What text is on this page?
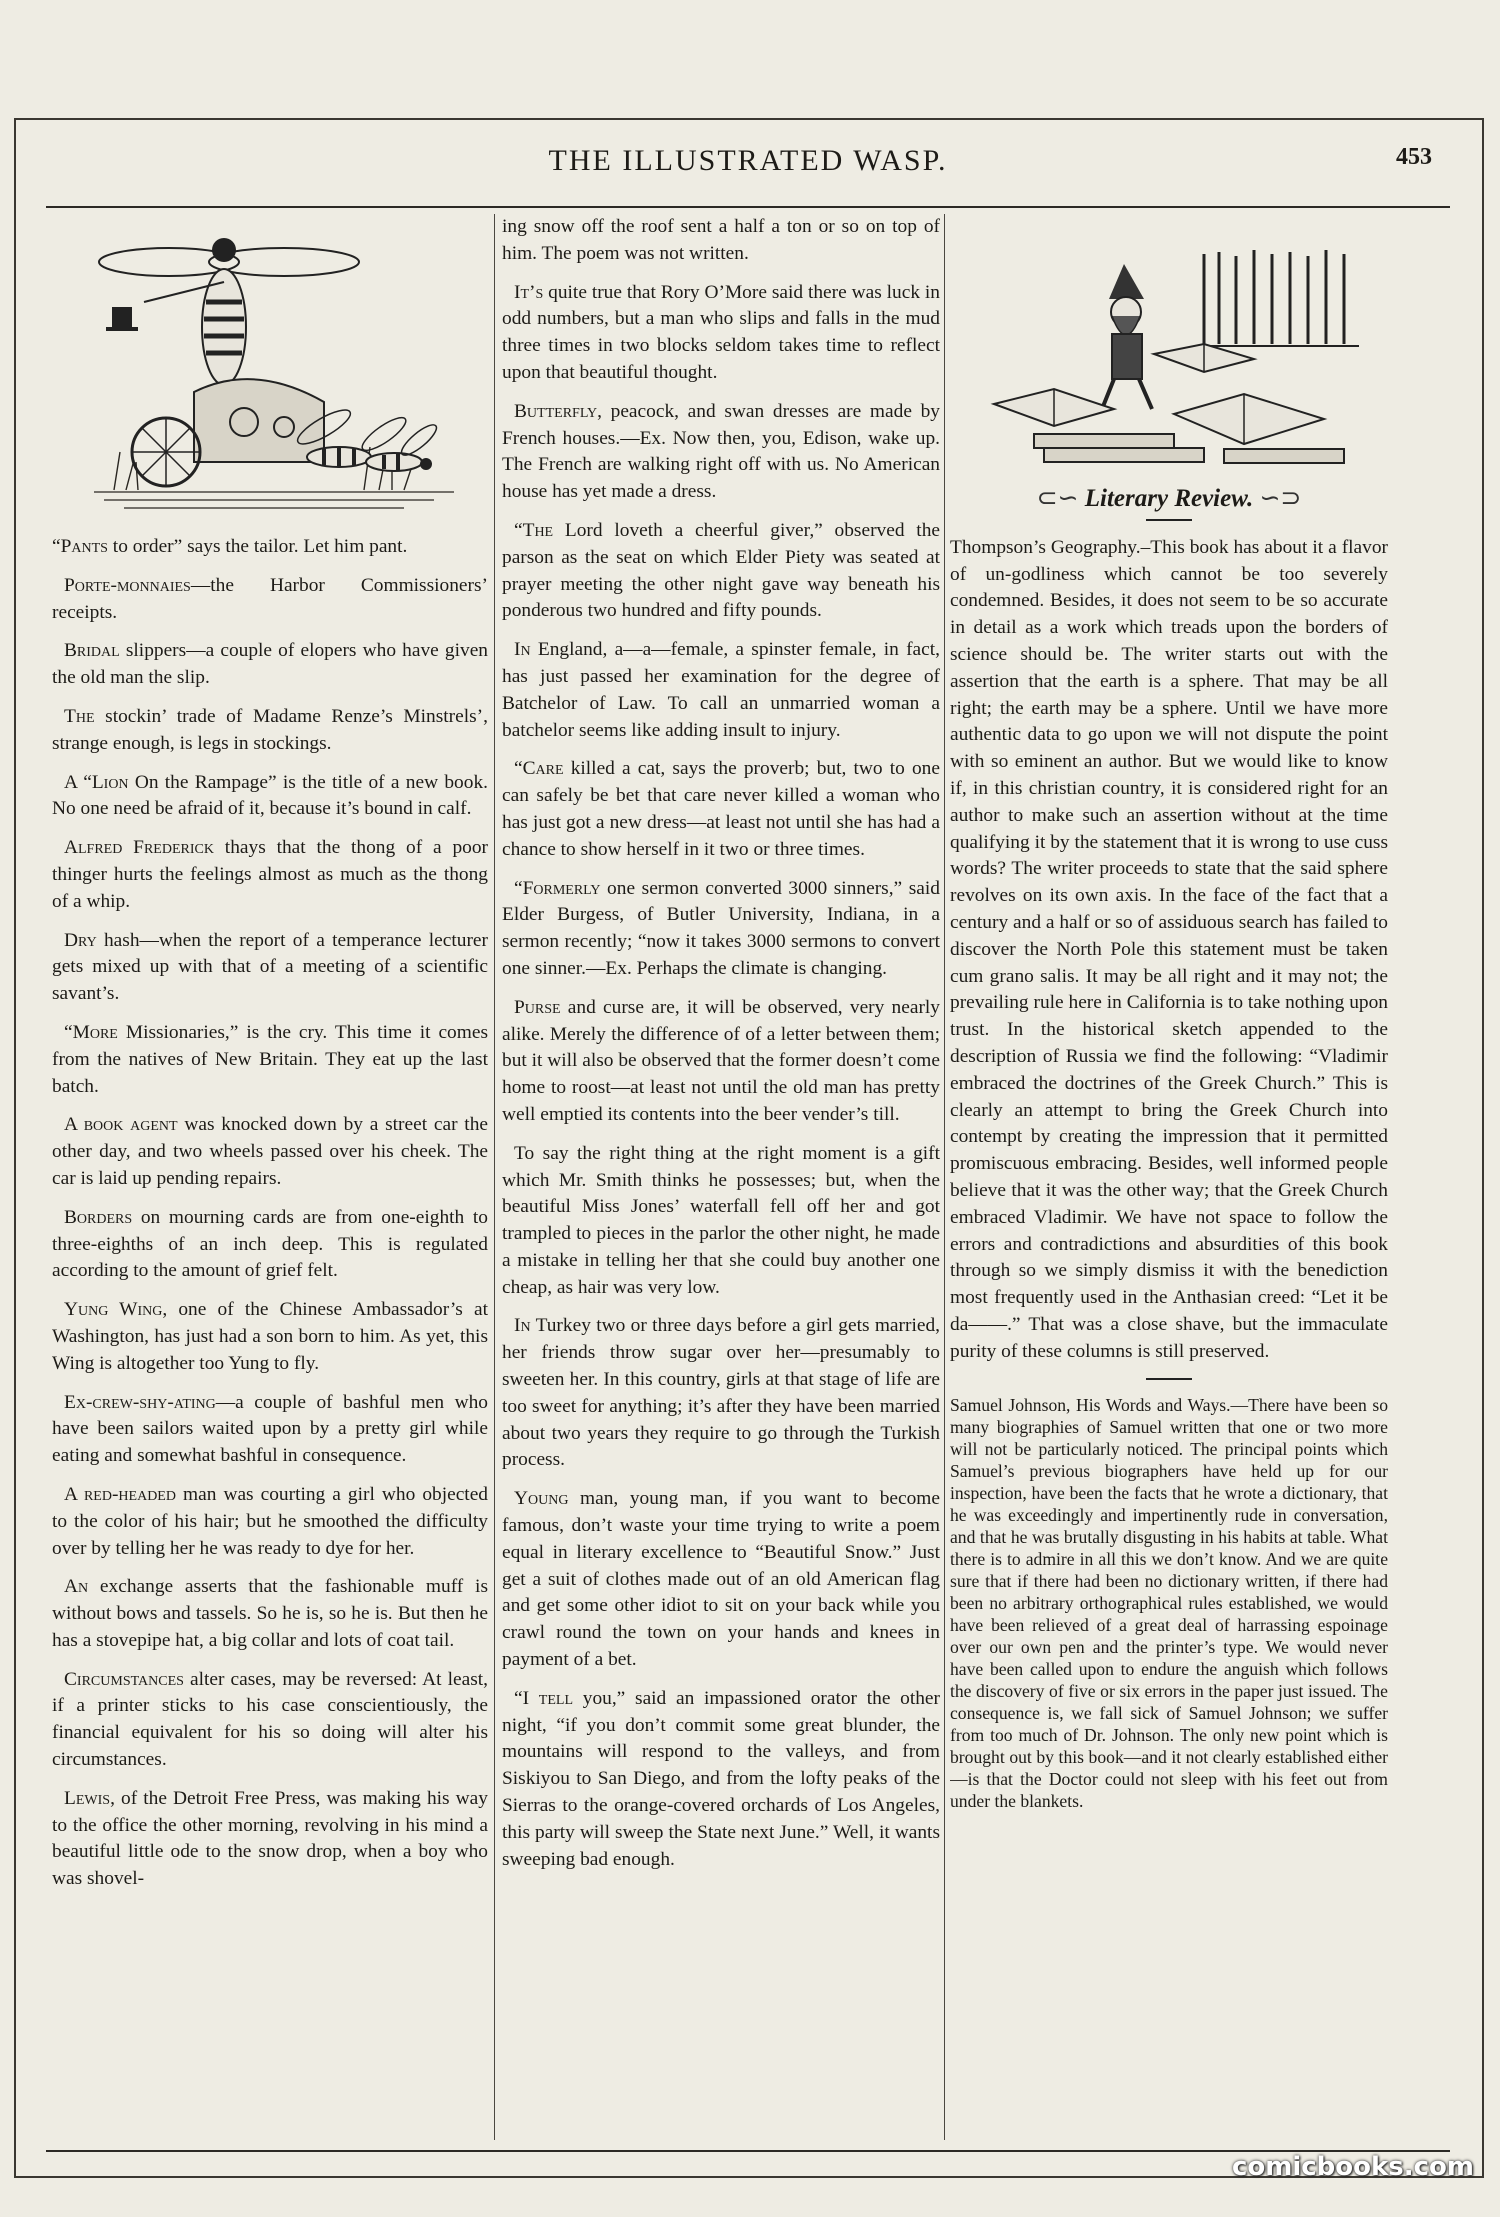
THE ILLUSTRATED WASP.	453

“Pants to order” says the tailor. Let him pant.

Porte-monnaies—the Harbor Commissioners’ receipts.

Bridal slippers—a couple of elopers who have given the old man the slip.

The stockin’ trade of Madame Renze’s Minstrels’, strange enough, is legs in stockings.

A “Lion On the Rampage” is the title of a new book. No one need be afraid of it, because it’s bound in calf.

Alfred Frederick thays that the thong of a poor thinger hurts the feelings almost as much as the thong of a whip.

Dry hash—when the report of a temperance lecturer gets mixed up with that of a meeting of a scientific savant’s.

“More Missionaries,” is the cry. This time it comes from the natives of New Britain. They eat up the last batch.

A book agent was knocked down by a street car the other day, and two wheels passed over his cheek. The car is laid up pending repairs.

Borders on mourning cards are from one-eighth to three-eighths of an inch deep. This is regulated according to the amount of grief felt.

Yung Wing, one of the Chinese Ambassador’s at Washington, has just had a son born to him. As yet, this Wing is altogether too Yung to fly.

Ex-crew-shy-ating—a couple of bashful men who have been sailors waited upon by a pretty girl while eating and somewhat bashful in consequence.

A red-headed man was courting a girl who objected to the color of his hair; but he smoothed the difficulty over by telling her he was ready to dye for her.

An exchange asserts that the fashionable muff is without bows and tassels. So he is, so he is. But then he has a stovepipe hat, a big collar and lots of coat tail.

Circumstances alter cases, may be reversed: At least, if a printer sticks to his case conscientiously, the financial equivalent for his so doing will alter his circumstances.

Lewis, of the Detroit Free Press, was making his way to the office the other morning, revolving in his mind a beautiful little ode to the snow drop, when a boy who was shovel-

ing snow off the roof sent a half a ton or so on top of him. The poem was not written.

It’s quite true that Rory O’More said there was luck in odd numbers, but a man who slips and falls in the mud three times in two blocks seldom takes time to reflect upon that beautiful thought.

Butterfly, peacock, and swan dresses are made by French houses.—Ex. Now then, you, Edison, wake up. The French are walking right off with us. No American house has yet made a dress.

“The Lord loveth a cheerful giver,” observed the parson as the seat on which Elder Piety was seated at prayer meeting the other night gave way beneath his ponderous two hundred and fifty pounds.

In England, a—a—female, a spinster female, in fact, has just passed her examination for the degree of Batchelor of Law. To call an unmarried woman a batchelor seems like adding insult to injury.

“Care killed a cat, says the proverb; but, two to one can safely be bet that care never killed a woman who has just got a new dress—at least not until she has had a chance to show herself in it two or three times.

“Formerly one sermon converted 3000 sinners,” said Elder Burgess, of Butler University, Indiana, in a sermon recently; “now it takes 3000 sermons to convert one sinner.—Ex. Perhaps the climate is changing.

Purse and curse are, it will be observed, very nearly alike. Merely the difference of of a letter between them; but it will also be observed that the former doesn’t come home to roost—at least not until the old man has pretty well emptied its contents into the beer vender’s till.

To say the right thing at the right moment is a gift which Mr. Smith thinks he possesses; but, when the beautiful Miss Jones’ waterfall fell off her and got trampled to pieces in the parlor the other night, he made a mistake in telling her that she could buy another one cheap, as hair was very low.

In Turkey two or three days before a girl gets married, her friends throw sugar over her—presumably to sweeten her. In this country, girls at that stage of life are too sweet for anything; it’s after they have been married about two years they require to go through the Turkish process.

Young man, young man, if you want to become famous, don’t waste your time trying to write a poem equal in literary excellence to “Beautiful Snow.” Just get a suit of clothes made out of an old American flag and get some other idiot to sit on your back while you crawl round the town on your hands and knees in payment of a bet.

“I tell you,” said an impassioned orator the other night, “if you don’t commit some great blunder, the mountains will respond to the valleys, and from Siskiyou to San Diego, and from the lofty peaks of the Sierras to the orange-covered orchards of Los Angeles, this party will sweep the State next June.” Well, it wants sweeping bad enough.

⊂∽ Literary Review. ∽⊃

Thompson’s Geography.–This book has about it a flavor of un-godliness which cannot be too severely condemned. Besides, it does not seem to be so accurate in detail as a work which treads upon the borders of science should be. The writer starts out with the assertion that the earth is a sphere. That may be all right; the earth may be a sphere. Until we have more authentic data to go upon we will not dispute the point with so eminent an author. But we would like to know if, in this christian country, it is considered right for an author to make such an assertion without at the time qualifying it by the statement that it is wrong to use cuss words? The writer proceeds to state that the said sphere revolves on its own axis. In the face of the fact that a century and a half or so of assiduous search has failed to discover the North Pole this statement must be taken cum grano salis. It may be all right and it may not; the prevailing rule here in California is to take nothing upon trust. In the historical sketch appended to the description of Russia we find the following: “Vladimir embraced the doctrines of the Greek Church.” This is clearly an attempt to bring the Greek Church into contempt by creating the impression that it permitted promiscuous embracing. Besides, well informed people believe that it was the other way; that the Greek Church embraced Vladimir. We have not space to follow the errors and contradictions and absurdities of this book through so we simply dismiss it with the benediction most frequently used in the Anthasian creed: “Let it be da——.” That was a close shave, but the immaculate purity of these columns is still preserved.

Samuel Johnson, His Words and Ways.—There have been so many biographies of Samuel written that one or two more will not be particularly noticed. The principal points which Samuel’s previous biographers have held up for our inspection, have been the facts that he wrote a dictionary, that he was exceedingly and impertinently rude in conversation, and that he was brutally disgusting in his habits at table. What there is to admire in all this we don’t know. And we are quite sure that if there had been no dictionary written, if there had been no arbitrary orthographical rules established, we would have been relieved of a great deal of harrassing espoinage over our own pen and the printer’s type. We would never have been called upon to endure the anguish which follows the discovery of five or six errors in the paper just issued. The consequence is, we fall sick of Samuel Johnson; we suffer from too much of Dr. Johnson. The only new point which is brought out by this book—and it not clearly established either—is that the Doctor could not sleep with his feet out from under the blankets.

comicbooks.com
